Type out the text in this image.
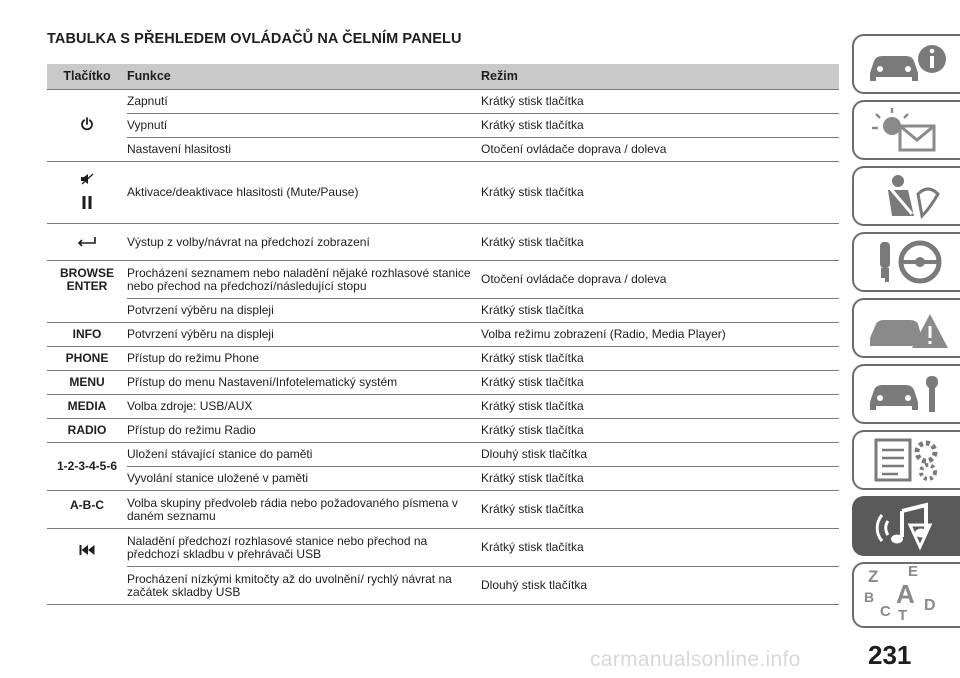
TABULKA S PŘEHLEDEM OVLÁDAČŮ NA ČELNÍM PANELU
Tlačítko	Funkce	Režim
	Zapnutí	Krátký stisk tlačítka
	Vypnutí	Krátký stisk tlačítka
	Nastavení hlasitosti	Otočení ovládače doprava / doleva

	Aktivace/deaktivace hlasitosti (Mute/Pause)	Krátký stisk tlačítka
	Výstup z volby/návrat na předchozí zobrazení	Krátký stisk tlačítka
BROWSE ENTER	Procházení seznamem nebo naladění nějaké rozhlasové stanice nebo přechod na předchozí/následující stopu	Otočení ovládače doprava / doleva
	Potvrzení výběru na displeji	Krátký stisk tlačítka
INFO	Potvrzení výběru na displeji	Volba režimu zobrazení (Radio, Media Player)
PHONE	Přístup do režimu Phone	Krátký stisk tlačítka
MENU	Přístup do menu Nastavení/Infotelematický systém	Krátký stisk tlačítka
MEDIA	Volba zdroje: USB/AUX	Krátký stisk tlačítka
RADIO	Přístup do režimu Radio	Krátký stisk tlačítka
1-2-3-4-5-6	Uložení stávající stanice do paměti	Dlouhý stisk tlačítka
	Vyvolání stanice uložené v paměti	Krátký stisk tlačítka
A-B-C	Volba skupiny předvoleb rádia nebo požadovaného písmena v daném seznamu	Krátký stisk tlačítka
	Naladění předchozí rozhlasové stanice nebo přechod na předchozí skladbu v přehrávači USB	Krátký stisk tlačítka
	Procházení nízkými kmitočty až do uvolnění/ rychlý návrat na začátek skladby USB	Dlouhý stisk tlačítka	Z E
B A
C T
D
231
carmanualsonline.info
